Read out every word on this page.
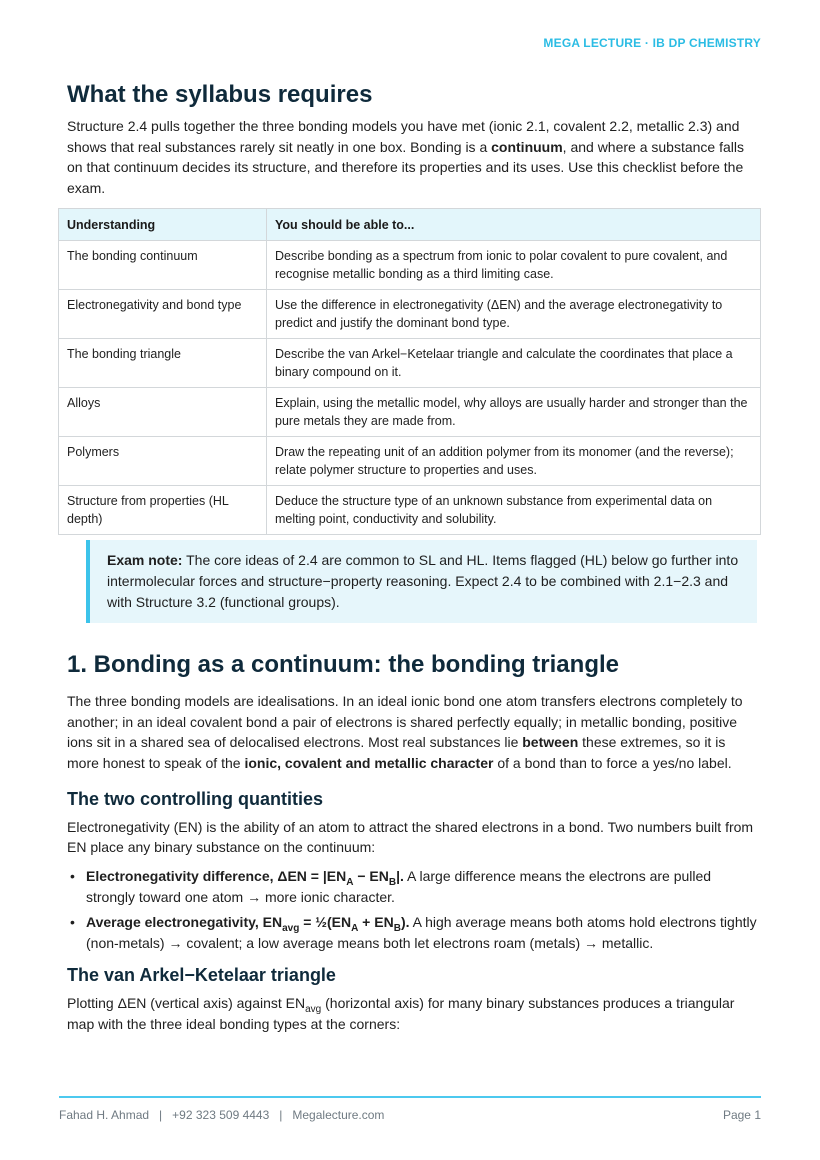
MEGA LECTURE · IB DP CHEMISTRY
What the syllabus requires

Structure 2.4 pulls together the three bonding models you have met (ionic 2.1, covalent 2.2, metallic 2.3) and shows that real substances rarely sit neatly in one box. Bonding is a continuum, and where a substance falls on that continuum decides its structure, and therefore its properties and its uses. Use this checklist before the exam.

Understanding	You should be able to...
The bonding continuum	Describe bonding as a spectrum from ionic to polar covalent to pure covalent, and recognise metallic bonding as a third limiting case.
Electronegativity and bond type	Use the difference in electronegativity (ΔEN) and the average electronegativity to predict and justify the dominant bond type.
The bonding triangle	Describe the van Arkel−Ketelaar triangle and calculate the coordinates that place a binary compound on it.
Alloys	Explain, using the metallic model, why alloys are usually harder and stronger than the pure metals they are made from.
Polymers	Draw the repeating unit of an addition polymer from its monomer (and the reverse); relate polymer structure to properties and uses.
Structure from properties (HL depth)	Deduce the structure type of an unknown substance from experimental data on melting point, conductivity and solubility.
Exam note: The core ideas of 2.4 are common to SL and HL. Items flagged (HL) below go further into intermolecular forces and structure−property reasoning. Expect 2.4 to be combined with 2.1−2.3 and with Structure 3.2 (functional groups).
1. Bonding as a continuum: the bonding triangle

The three bonding models are idealisations. In an ideal ionic bond one atom transfers electrons completely to another; in an ideal covalent bond a pair of electrons is shared perfectly equally; in metallic bonding, positive ions sit in a shared sea of delocalised electrons. Most real substances lie between these extremes, so it is more honest to speak of the ionic, covalent and metallic character of a bond than to force a yes/no label.

The two controlling quantities

Electronegativity (EN) is the ability of an atom to attract the shared electrons in a bond. Two numbers built from EN place any binary substance on the continuum:

• Electronegativity difference, $\Delta EN = |EN_A - EN_B|$. A large difference means the electrons are pulled strongly toward one atom → more ionic character.
• Average electronegativity, $EN_{avg}$ = $\frac{1}{2}(EN_A + EN_B)$. A high average means both atoms hold electrons tightly (non-metals) → covalent; a low average means both let electrons roam (metals) → metallic.
The van Arkel−Ketelaar triangle

Plotting ΔEN (vertical axis) against $EN_{avg}$ (horizontal axis) for many binary substances produces a triangular map with the three ideal bonding types at the corners:

Fahad H. Ahmad   |   +92 323 509 4443   |   Megalecture.com	Page 1
